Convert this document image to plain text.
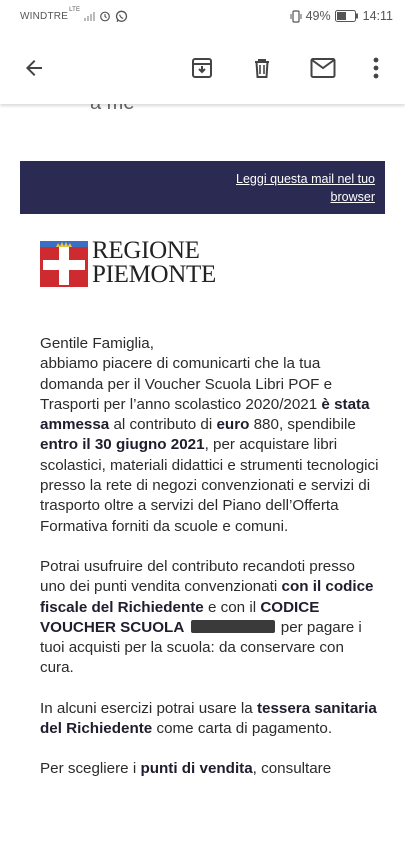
$WINDTRE^{LTE}$	49%	14:11
Leggi questa mail nel tuo browser
REGIONE
PIEMONTE

Gentile Famiglia,
abbiamo piacere di comunicarti che la tua domanda per il Voucher Scuola Libri POF e Trasporti per l’anno scolastico 2020/2021 è stata ammessa al contributo di euro 880, spendibile entro il 30 giugno 2021, per acquistare libri scolastici, materiali didattici e strumenti tecnologici presso la rete di negozi convenzionati e servizi di trasporto oltre a servizi del Piano dell’Offerta Formativa forniti da scuole e comuni.

Potrai usufruire del contributo recandoti presso uno dei punti vendita convenzionati con il codice fiscale del Richiedente e con il CODICE VOUCHER SCUOLA	per pagare i tuoi acquisti per la scuola: da conservare con cura.

In alcuni esercizi potrai usare la tessera sanitaria del Richiedente come carta di pagamento.

Per scegliere i punti di vendita, consultare
